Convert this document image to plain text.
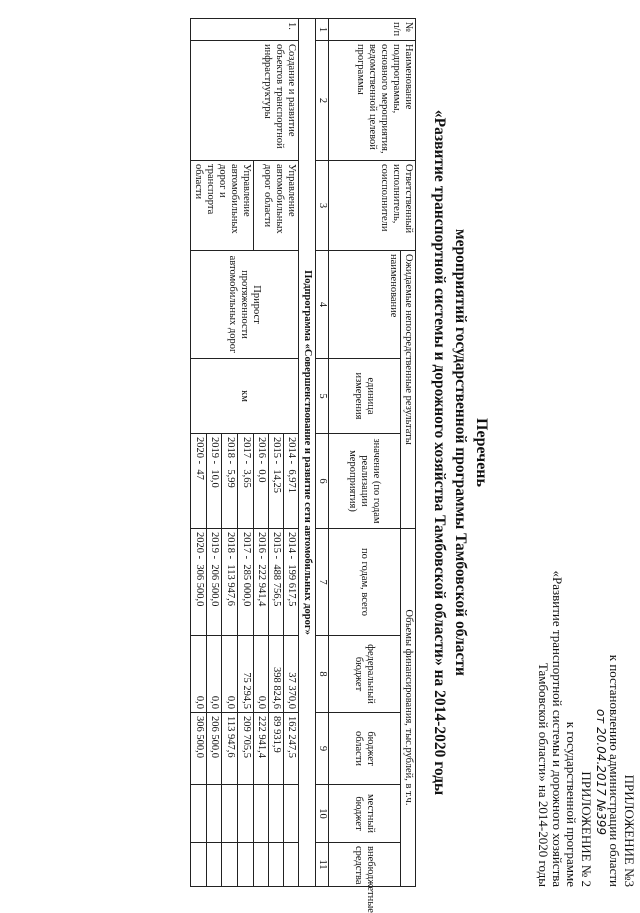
ПРИЛОЖЕНИЕ №3
к постановлению администрации области
от 20.04.2017 №399
ПРИЛОЖЕНИЕ № 2
к государственной программе
«Развитие транспортной системы и дорожного хозяйства
Тамбовской области» на 2014-2020 годы
Перечень
мероприятий государственной программы Тамбовской области
«Развитие транспортной системы и дорожного хозяйства Тамбовской области» на 2014-2020 годы
№ п/п	Наименование подпрограммы, основного мероприятия, ведомственной целевой программы	Ответственный исполнитель, соисполнители	Ожидаемые непосредственные результаты			Объемы финансирования, тыс.рублей, в т.ч.				
			наименование	единица измерения	значение (по годам реализации мероприятия)	по годам, всего	федеральный бюджет	бюджет области	местный бюджет	внебюджетные средства
1	2	3	4	5	6	7	8	9	10	11
Подпрограмма «Совершенствование и развитие сети автомобильных дорог»										
1.	Создание и развитие объектов транспортной инфраструктуры	Управление автомобильных дорог области	Прирост протяженности автомобильных дорог	км	2014 -  6,971	2014 -  199 617,5	37 370,0	162 247,5		
					2015 -  14,25	2015 -  488 756,5	398 824,6	89 931,9		
					2016 -  0,0	2016 -  222 941,4	0,0	222 941,4		
		Управление автомобильных дорог и транспорта области			2017 -  3,65	2017 -  285 000,0	75 294,5	209 705,5		
					2018 -  5,99	2018 -  113 947,6	0,0	113 947,6		
					2019 -  10,0	2019 -  206 500,0	0,0	206 500,0		
					2020 -  47	2020 -  306 500,0	0,0	306 500,0		
